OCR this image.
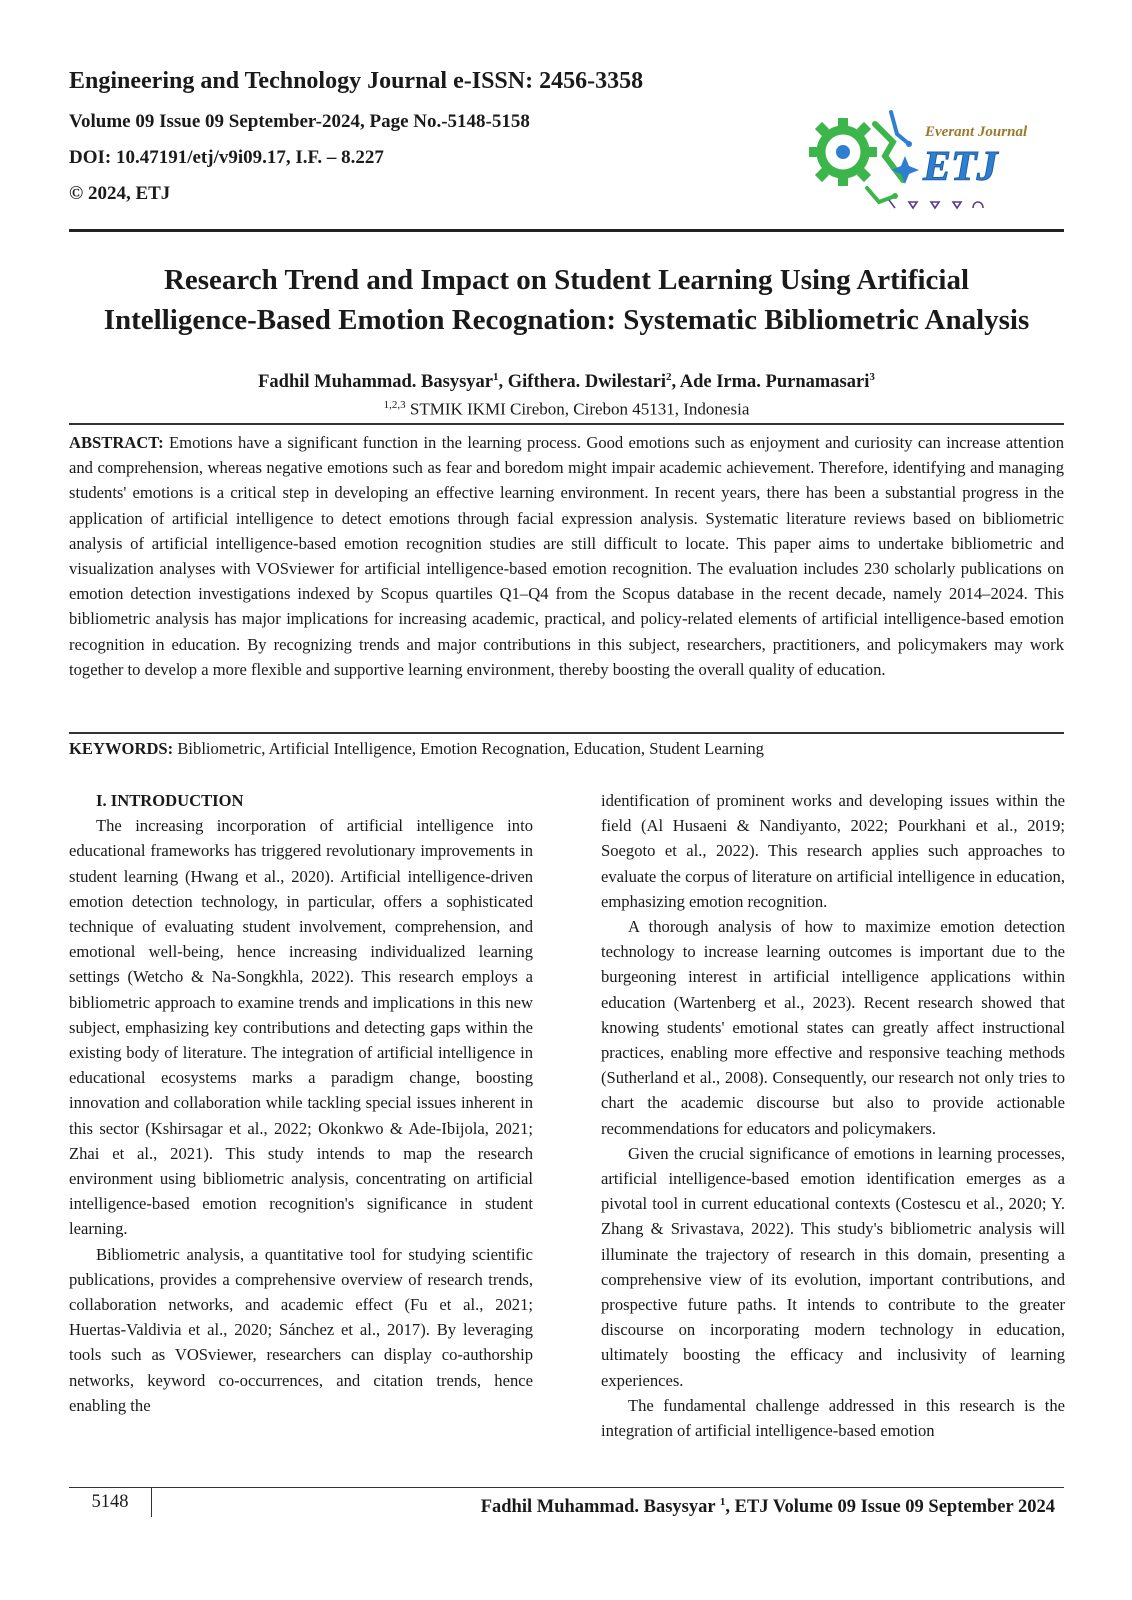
Engineering and Technology Journal e-ISSN: 2456-3358

Volume 09 Issue 09 September-2024, Page No.-5148-5158

DOI: 10.47191/etj/v9i09.17, I.F. – 8.227

© 2024, ETJ

Everant Journal
ETJ
Research Trend and Impact on Student Learning Using Artificial
Intelligence-Based Emotion Recognation: Systematic Bibliometric Analysis
Fadhil Muhammad. Basysyar$^1$, Gifthera. Dwilestari$^2$, Ade Irma. Purnamasari$^3$
$^{1,2,3}$ STMIK IKMI Cirebon, Cirebon 45131, Indonesia

ABSTRACT: Emotions have a significant function in the learning process. Good emotions such as enjoyment and curiosity can increase attention and comprehension, whereas negative emotions such as fear and boredom might impair academic achievement. Therefore, identifying and managing students' emotions is a critical step in developing an effective learning environment. In recent years, there has been a substantial progress in the application of artificial intelligence to detect emotions through facial expression analysis. Systematic literature reviews based on bibliometric analysis of artificial intelligence-based emotion recognition studies are still difficult to locate. This paper aims to undertake bibliometric and visualization analyses with VOSviewer for artificial intelligence-based emotion recognition. The evaluation includes 230 scholarly publications on emotion detection investigations indexed by Scopus quartiles Q1–Q4 from the Scopus database in the recent decade, namely 2014–2024. This bibliometric analysis has major implications for increasing academic, practical, and policy-related elements of artificial intelligence-based emotion recognition in education. By recognizing trends and major contributions in this subject, researchers, practitioners, and policymakers may work together to develop a more flexible and supportive learning environment, thereby boosting the overall quality of education.

KEYWORDS: Bibliometric, Artificial Intelligence, Emotion Recognation, Education, Student Learning

I. INTRODUCTION

The increasing incorporation of artificial intelligence into educational frameworks has triggered revolutionary improvements in student learning (Hwang et al., 2020). Artificial intelligence-driven emotion detection technology, in particular, offers a sophisticated technique of evaluating student involvement, comprehension, and emotional well-being, hence increasing individualized learning settings (Wetcho & Na-Songkhla, 2022). This research employs a bibliometric approach to examine trends and implications in this new subject, emphasizing key contributions and detecting gaps within the existing body of literature. The integration of artificial intelligence in educational ecosystems marks a paradigm change, boosting innovation and collaboration while tackling special issues inherent in this sector (Kshirsagar et al., 2022; Okonkwo & Ade-Ibijola, 2021; Zhai et al., 2021). This study intends to map the research environment using bibliometric analysis, concentrating on artificial intelligence-based emotion recognition's significance in student learning.

Bibliometric analysis, a quantitative tool for studying scientific publications, provides a comprehensive overview of research trends, collaboration networks, and academic effect (Fu et al., 2021; Huertas-Valdivia et al., 2020; Sánchez et al., 2017). By leveraging tools such as VOSviewer, researchers can display co-authorship networks, keyword co-occurrences, and citation trends, hence enabling the

identification of prominent works and developing issues within the field (Al Husaeni & Nandiyanto, 2022; Pourkhani et al., 2019; Soegoto et al., 2022). This research applies such approaches to evaluate the corpus of literature on artificial intelligence in education, emphasizing emotion recognition.

A thorough analysis of how to maximize emotion detection technology to increase learning outcomes is important due to the burgeoning interest in artificial intelligence applications within education (Wartenberg et al., 2023). Recent research showed that knowing students' emotional states can greatly affect instructional practices, enabling more effective and responsive teaching methods (Sutherland et al., 2008). Consequently, our research not only tries to chart the academic discourse but also to provide actionable recommendations for educators and policymakers.

Given the crucial significance of emotions in learning processes, artificial intelligence-based emotion identification emerges as a pivotal tool in current educational contexts (Costescu et al., 2020; Y. Zhang & Srivastava, 2022). This study's bibliometric analysis will illuminate the trajectory of research in this domain, presenting a comprehensive view of its evolution, important contributions, and prospective future paths. It intends to contribute to the greater discourse on incorporating modern technology in education, ultimately boosting the efficacy and inclusivity of learning experiences.

The fundamental challenge addressed in this research is the integration of artificial intelligence-based emotion

5148	Fadhil Muhammad. Basysyar $^1$, ETJ Volume 09 Issue 09 September 2024
